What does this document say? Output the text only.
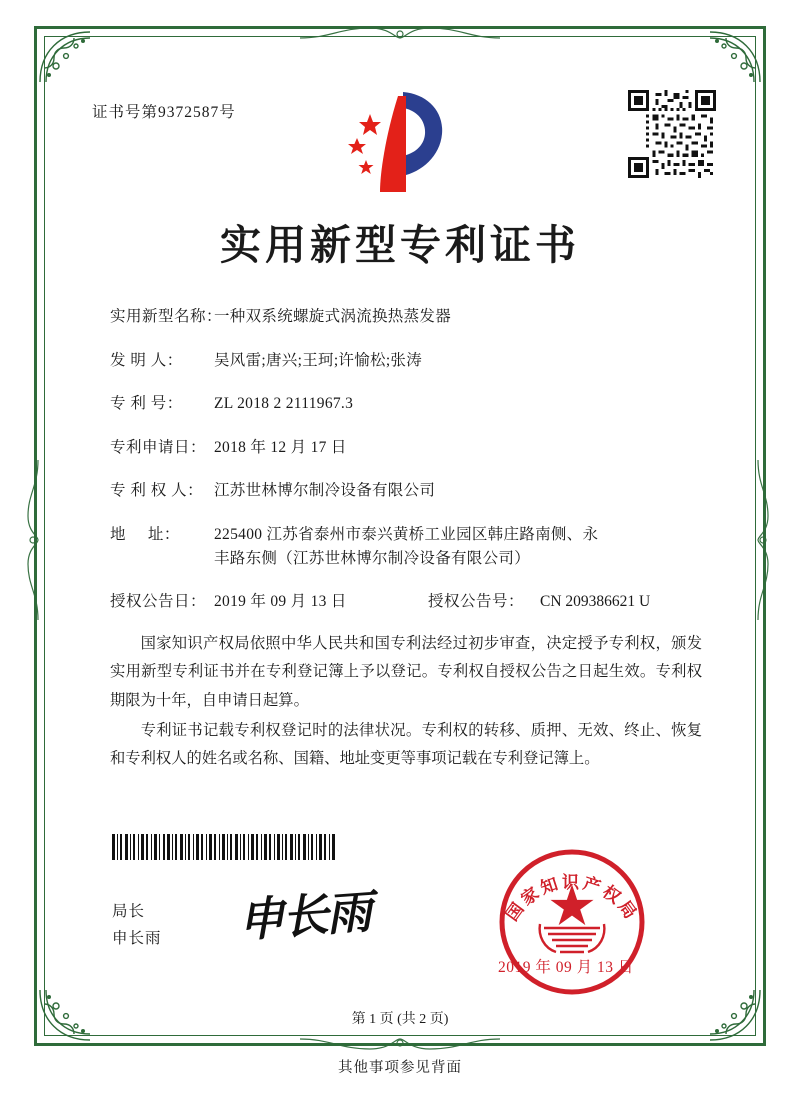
证书号第9372587号
实用新型专利证书
实用新型名称：
一种双系统螺旋式涡流换热蒸发器
发 明 人：	吴风雷;唐兴;王珂;许愉松;张涛
专 利 号：	ZL 2018 2 2111967.3
专利申请日： 2018 年 12 月 17 日
专 利 权 人： 江苏世林博尔制冷设备有限公司
地     址：	225400 江苏省泰州市泰兴黄桥工业园区韩庄路南侧、永
丰路东侧（江苏世林博尔制冷设备有限公司）
授权公告日： 2019 年 09 月 13 日	授权公告号：	CN 209386621 U

国家知识产权局依照中华人民共和国专利法经过初步审查，决定授予专利权，颁发实用新型专利证书并在专利登记簿上予以登记。专利权自授权公告之日起生效。专利权期限为十年，自申请日起算。

专利证书记载专利权登记时的法律状况。专利权的转移、质押、无效、终止、恢复和专利权人的姓名或名称、国籍、地址变更等事项记载在专利登记簿上。

局长
申长雨 申长雨	国家知识产权局
2019 年 09 月 13 日
第 1 页 (共 2 页)
其他事项参见背面
